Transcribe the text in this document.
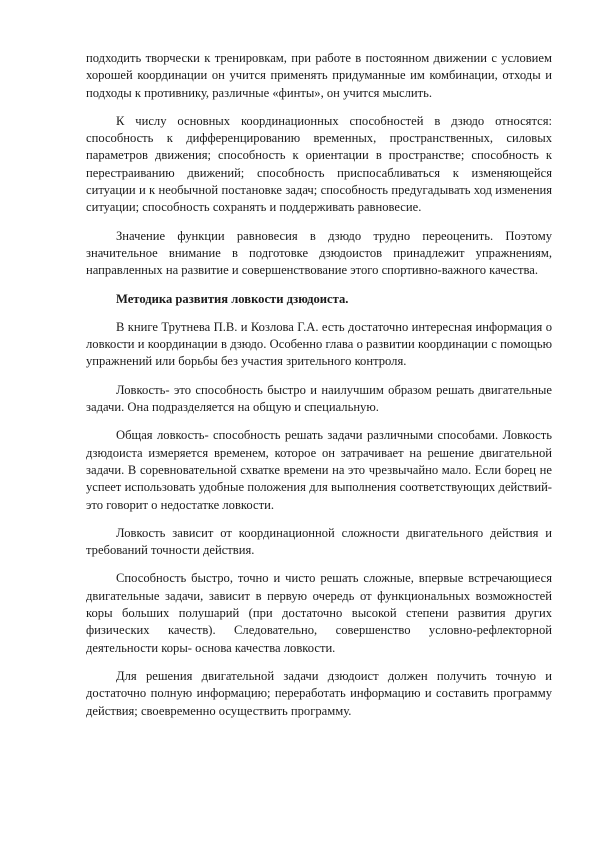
подходить творчески к тренировкам, при работе в постоянном движении с условием хорошей координации он учится применять придуманные им комбинации, отходы и подходы к противнику, различные «финты», он учится мыслить.

К числу основных координационных способностей в дзюдо относятся: способность к дифференцированию временных, пространственных, силовых параметров движения; способность к ориентации в пространстве; способность к перестраиванию движений; способность приспосабливаться к изменяющейся ситуации и к необычной постановке задач; способность предугадывать ход изменения ситуации; способность сохранять и поддерживать равновесие.

Значение функции равновесия в дзюдо трудно переоценить. Поэтому значительное внимание в подготовке дзюдоистов принадлежит упражнениям, направленных на развитие и совершенствование этого спортивно-важного качества.

Методика развития ловкости дзюдоиста.

В книге Трутнева П.В. и Козлова Г.А. есть достаточно интересная информация о ловкости и координации в дзюдо. Особенно глава о развитии координации с помощью упражнений или борьбы без участия зрительного контроля.

Ловкость- это способность быстро и наилучшим образом решать двигательные задачи. Она подразделяется на общую и специальную.

Общая ловкость- способность решать задачи различными способами. Ловкость дзюдоиста измеряется временем, которое он затрачивает на решение двигательной задачи. В соревновательной схватке времени на это чрезвычайно мало. Если борец не успеет использовать удобные положения для выполнения соответствующих действий- это говорит о недостатке ловкости.

Ловкость зависит от координационной сложности двигательного действия и требований точности действия.

Способность быстро, точно и чисто решать сложные, впервые встречающиеся двигательные задачи, зависит в первую очередь от функциональных возможностей коры больших полушарий (при достаточно высокой степени развития других физических качеств). Следовательно, совершенство условно-рефлекторной деятельности коры- основа качества ловкости.

Для решения двигательной задачи дзюдоист должен получить точную и достаточно полную информацию; переработать информацию и составить программу действия; своевременно осуществить программу.
